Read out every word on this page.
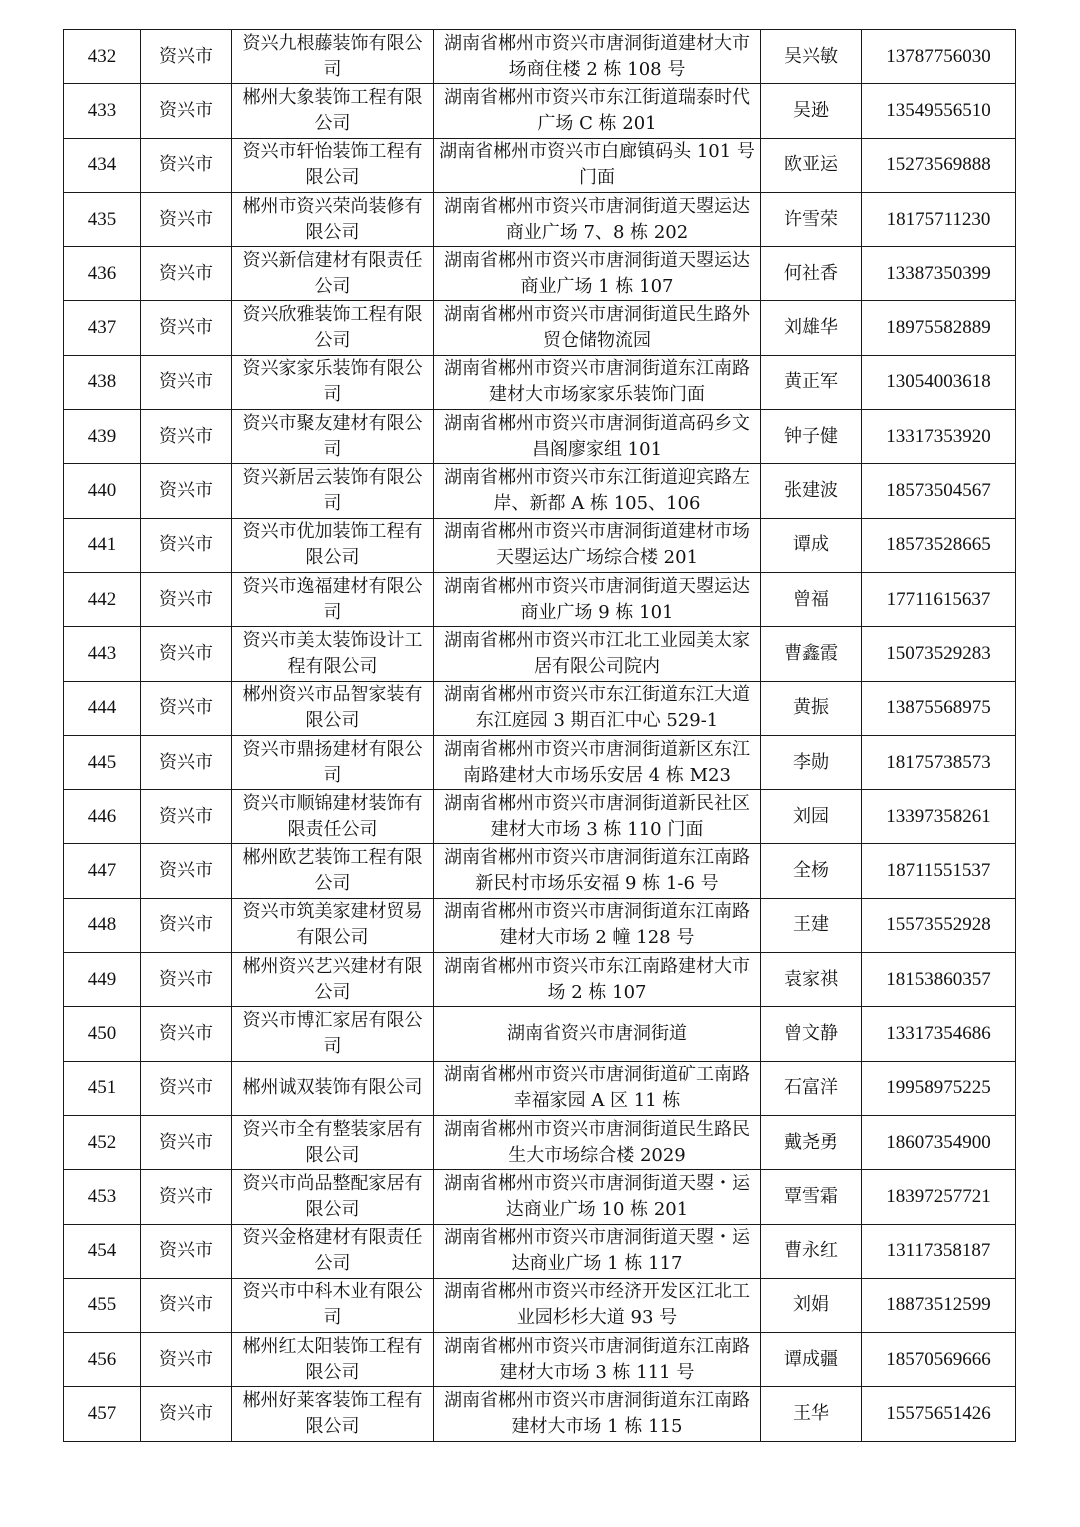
432	资兴市	资兴九根藤装饰有限公司	湖南省郴州市资兴市唐洞街道建材大市场商住楼 2 栋 108 号	吴兴敏	13787756030
433	资兴市	郴州大象装饰工程有限公司	湖南省郴州市资兴市东江街道瑞泰时代广场 C 栋 201	吴逊	13549556510
434	资兴市	资兴市轩怡装饰工程有限公司	湖南省郴州市资兴市白廊镇码头 101 号门面	欧亚运	15273569888
435	资兴市	郴州市资兴荣尚装修有限公司	湖南省郴州市资兴市唐洞街道天曌运达商业广场 7、8 栋 202	许雪荣	18175711230
436	资兴市	资兴新信建材有限责任公司	湖南省郴州市资兴市唐洞街道天曌运达商业广场 1 栋 107	何社香	13387350399
437	资兴市	资兴欣雅装饰工程有限公司	湖南省郴州市资兴市唐洞街道民生路外贸仓储物流园	刘雄华	18975582889
438	资兴市	资兴家家乐装饰有限公司	湖南省郴州市资兴市唐洞街道东江南路建材大市场家家乐装饰门面	黄正军	13054003618
439	资兴市	资兴市聚友建材有限公司	湖南省郴州市资兴市唐洞街道高码乡文昌阁廖家组 101	钟子健	13317353920
440	资兴市	资兴新居云装饰有限公司	湖南省郴州市资兴市东江街道迎宾路左岸、新都 A 栋 105、106	张建波	18573504567
441	资兴市	资兴市优加装饰工程有限公司	湖南省郴州市资兴市唐洞街道建材市场天曌运达广场综合楼 201	谭成	18573528665
442	资兴市	资兴市逸福建材有限公司	湖南省郴州市资兴市唐洞街道天曌运达商业广场 9 栋 101	曾福	17711615637
443	资兴市	资兴市美太装饰设计工程有限公司	湖南省郴州市资兴市江北工业园美太家居有限公司院内	曹鑫霞	15073529283
444	资兴市	郴州资兴市品智家装有限公司	湖南省郴州市资兴市东江街道东江大道东江庭园 3 期百汇中心 529-1	黄振	13875568975
445	资兴市	资兴市鼎扬建材有限公司	湖南省郴州市资兴市唐洞街道新区东江南路建材大市场乐安居 4 栋 M23	李勋	18175738573
446	资兴市	资兴市顺锦建材装饰有限责任公司	湖南省郴州市资兴市唐洞街道新民社区建材大市场 3 栋 110 门面	刘园	13397358261
447	资兴市	郴州欧艺装饰工程有限公司	湖南省郴州市资兴市唐洞街道东江南路新民村市场乐安福 9 栋 1-6 号	全杨	18711551537
448	资兴市	资兴市筑美家建材贸易有限公司	湖南省郴州市资兴市唐洞街道东江南路建材大市场 2 幢 128 号	王建	15573552928
449	资兴市	郴州资兴艺兴建材有限公司	湖南省郴州市资兴市东江南路建材大市场 2 栋 107	袁家祺	18153860357
450	资兴市	资兴市博汇家居有限公司	湖南省资兴市唐洞街道	曾文静	13317354686
451	资兴市	郴州诚双装饰有限公司	湖南省郴州市资兴市唐洞街道矿工南路幸福家园 A 区 11 栋	石富洋	19958975225
452	资兴市	资兴市全有整装家居有限公司	湖南省郴州市资兴市唐洞街道民生路民生大市场综合楼 2029	戴尧勇	18607354900
453	资兴市	资兴市尚品整配家居有限公司	湖南省郴州市资兴市唐洞街道天曌・运达商业广场 10 栋 201	覃雪霜	18397257721
454	资兴市	资兴金格建材有限责任公司	湖南省郴州市资兴市唐洞街道天曌・运达商业广场 1 栋 117	曹永红	13117358187
455	资兴市	资兴市中科木业有限公司	湖南省郴州市资兴市经济开发区江北工业园杉杉大道 93 号	刘娟	18873512599
456	资兴市	郴州红太阳装饰工程有限公司	湖南省郴州市资兴市唐洞街道东江南路建材大市场 3 栋 111 号	谭成疆	18570569666
457	资兴市	郴州好莱客装饰工程有限公司	湖南省郴州市资兴市唐洞街道东江南路建材大市场 1 栋 115	王华	15575651426
